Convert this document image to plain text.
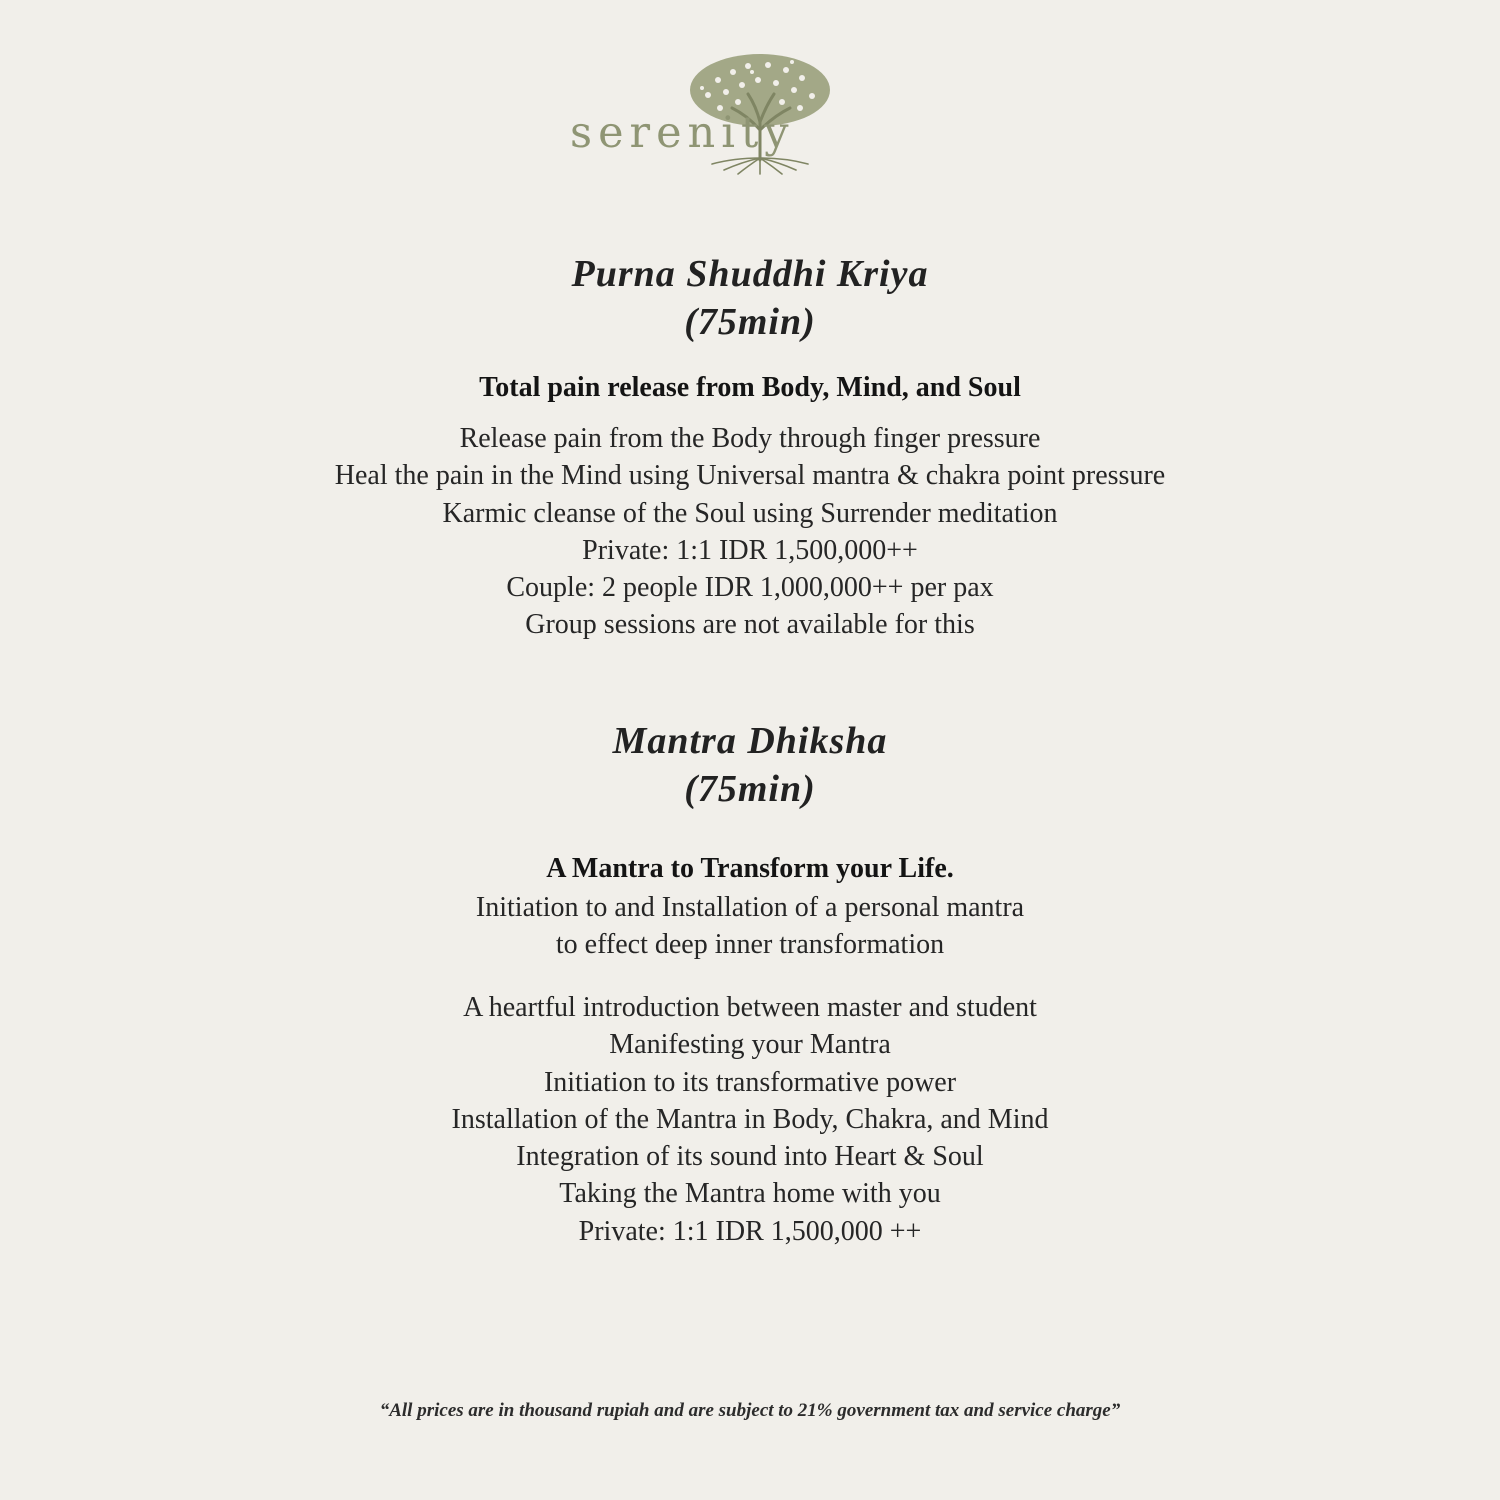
serenity
Purna Shuddhi Kriya
(75min)
Total pain release from Body, Mind, and Soul
Release pain from the Body through finger pressure
Heal the pain in the Mind using Universal mantra & chakra point pressure
Karmic cleanse of the Soul using Surrender meditation
Private: 1:1 IDR 1,500,000++
Couple: 2 people IDR 1,000,000++ per pax
Group sessions are not available for this
Mantra Dhiksha
(75min)
A Mantra to Transform your Life.
Initiation to and Installation of a personal mantra
to effect deep inner transformation
A heartful introduction between master and student
Manifesting your Mantra
Initiation to its transformative power
Installation of the Mantra in Body, Chakra, and Mind
Integration of its sound into Heart & Soul
Taking the Mantra home with you
Private: 1:1 IDR 1,500,000 ++
“All prices are in thousand rupiah and are subject to 21% government tax and service charge”
